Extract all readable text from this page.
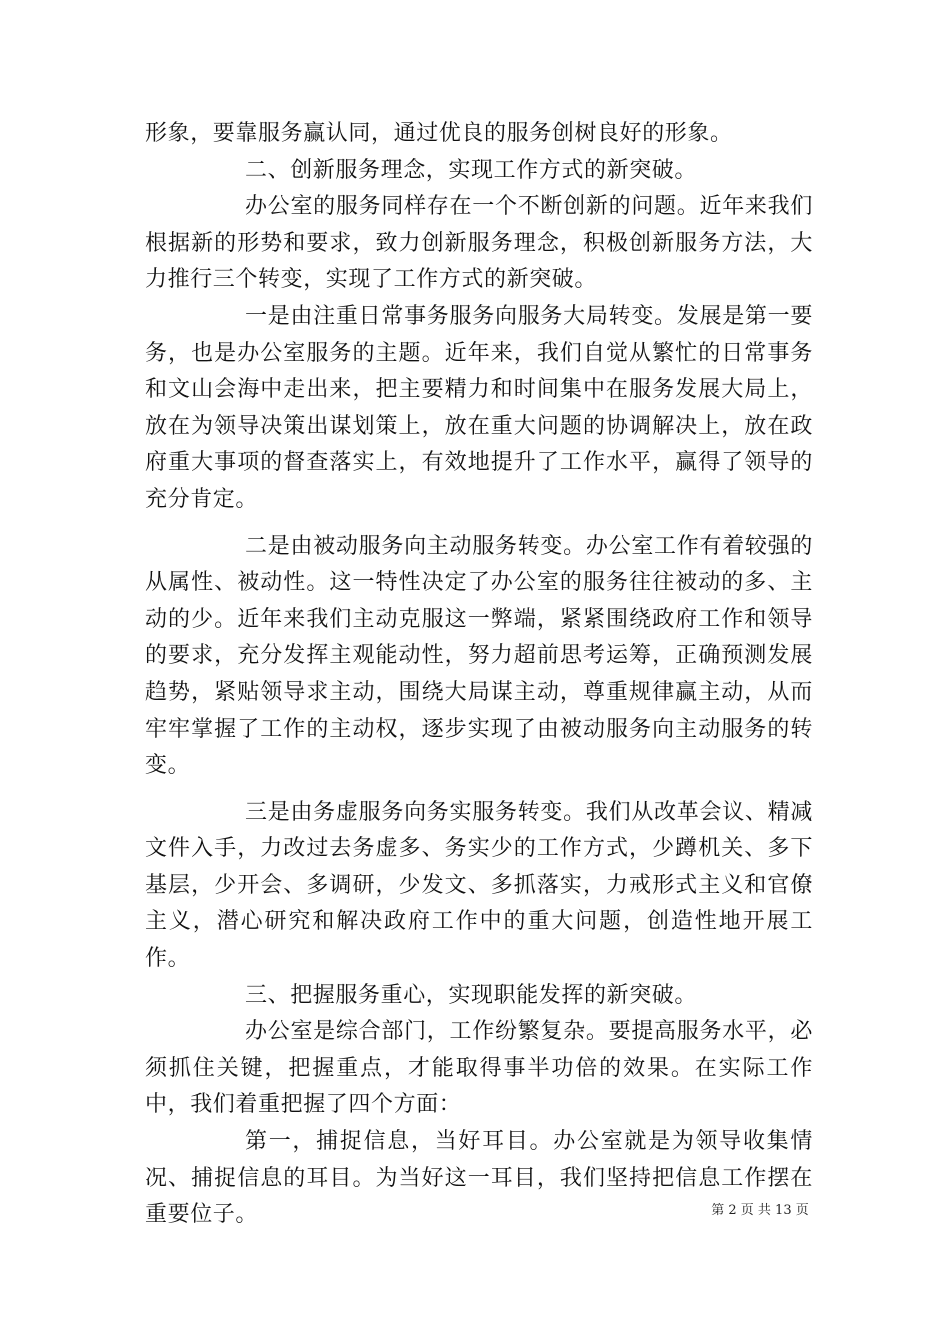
形象，要靠服务赢认同，通过优良的服务创树良好的形象。

二、创新服务理念，实现工作方式的新突破。

办公室的服务同样存在一个不断创新的问题。近年来我们根据新的形势和要求，致力创新服务理念，积极创新服务方法，大力推行三个转变，实现了工作方式的新突破。

一是由注重日常事务服务向服务大局转变。发展是第一要务，也是办公室服务的主题。近年来，我们自觉从繁忙的日常事务和文山会海中走出来，把主要精力和时间集中在服务发展大局上，放在为领导决策出谋划策上，放在重大问题的协调解决上，放在政府重大事项的督查落实上，有效地提升了工作水平，赢得了领导的充分肯定。

二是由被动服务向主动服务转变。办公室工作有着较强的从属性、被动性。这一特性决定了办公室的服务往往被动的多、主动的少。近年来我们主动克服这一弊端，紧紧围绕政府工作和领导的要求，充分发挥主观能动性，努力超前思考运筹，正确预测发展趋势，紧贴领导求主动，围绕大局谋主动，尊重规律赢主动，从而牢牢掌握了工作的主动权，逐步实现了由被动服务向主动服务的转变。

三是由务虚服务向务实服务转变。我们从改革会议、精减文件入手，力改过去务虚多、务实少的工作方式，少蹲机关、多下基层，少开会、多调研，少发文、多抓落实，力戒形式主义和官僚主义，潜心研究和解决政府工作中的重大问题，创造性地开展工作。

三、把握服务重心，实现职能发挥的新突破。

办公室是综合部门，工作纷繁复杂。要提高服务水平，必须抓住关键，把握重点，才能取得事半功倍的效果。在实际工作中，我们着重把握了四个方面：

第一，捕捉信息，当好耳目。办公室就是为领导收集情况、捕捉信息的耳目。为当好这一耳目，我们坚持把信息工作摆在重要位子。	第 2 页 共 13 页
